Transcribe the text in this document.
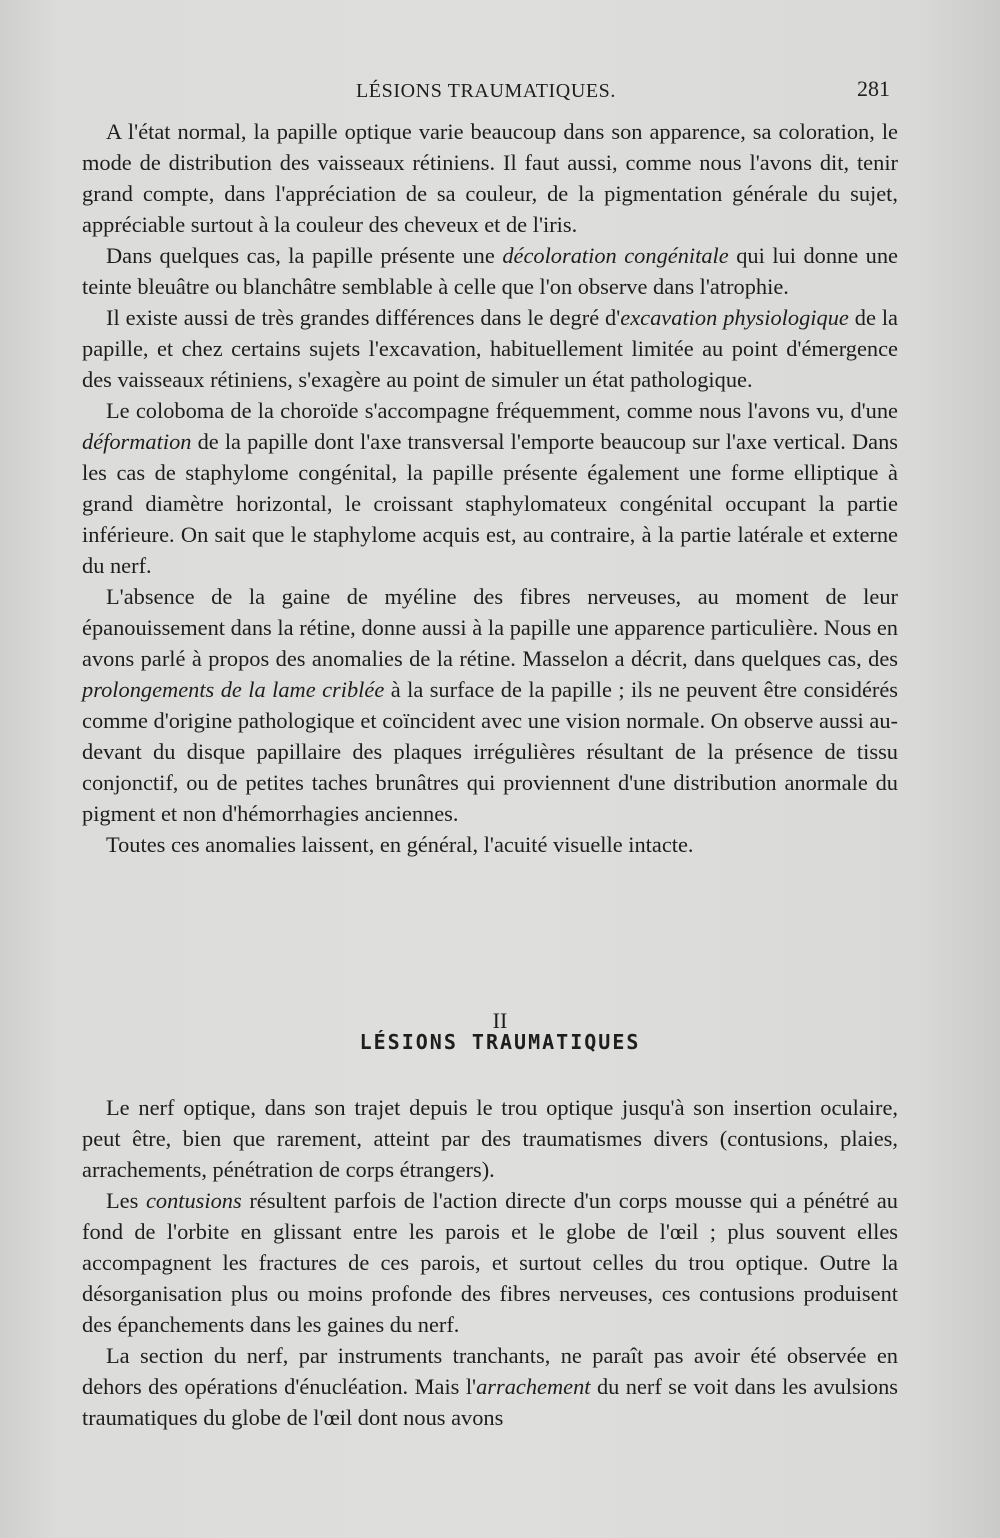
LÉSIONS TRAUMATIQUES.	281

A l'état normal, la papille optique varie beaucoup dans son apparence, sa coloration, le mode de distribution des vaisseaux rétiniens. Il faut aussi, comme nous l'avons dit, tenir grand compte, dans l'appréciation de sa couleur, de la pigmentation générale du sujet, appréciable surtout à la couleur des cheveux et de l'iris.

Dans quelques cas, la papille présente une décoloration congénitale qui lui donne une teinte bleuâtre ou blanchâtre semblable à celle que l'on observe dans l'atrophie.

Il existe aussi de très grandes différences dans le degré d'excavation physiologique de la papille, et chez certains sujets l'excavation, habituellement limitée au point d'émergence des vaisseaux rétiniens, s'exagère au point de simuler un état pathologique.

Le coloboma de la choroïde s'accompagne fréquemment, comme nous l'avons vu, d'une déformation de la papille dont l'axe transversal l'emporte beaucoup sur l'axe vertical. Dans les cas de staphylome congénital, la papille présente également une forme elliptique à grand diamètre horizontal, le croissant staphylomateux congénital occupant la partie inférieure. On sait que le staphylome acquis est, au contraire, à la partie latérale et externe du nerf.

L'absence de la gaine de myéline des fibres nerveuses, au moment de leur épanouissement dans la rétine, donne aussi à la papille une apparence particulière. Nous en avons parlé à propos des anomalies de la rétine. Masselon a décrit, dans quelques cas, des prolongements de la lame criblée à la surface de la papille ; ils ne peuvent être considérés comme d'origine pathologique et coïncident avec une vision normale. On observe aussi au-devant du disque papillaire des plaques irrégulières résultant de la présence de tissu conjonctif, ou de petites taches brunâtres qui proviennent d'une distribution anormale du pigment et non d'hémorrhagies anciennes.

Toutes ces anomalies laissent, en général, l'acuité visuelle intacte.

II
LÉSIONS TRAUMATIQUES

Le nerf optique, dans son trajet depuis le trou optique jusqu'à son insertion oculaire, peut être, bien que rarement, atteint par des traumatismes divers (contusions, plaies, arrachements, pénétration de corps étrangers).

Les contusions résultent parfois de l'action directe d'un corps mousse qui a pénétré au fond de l'orbite en glissant entre les parois et le globe de l'œil ; plus souvent elles accompagnent les fractures de ces parois, et surtout celles du trou optique. Outre la désorganisation plus ou moins profonde des fibres nerveuses, ces contusions produisent des épanchements dans les gaines du nerf.

La section du nerf, par instruments tranchants, ne paraît pas avoir été observée en dehors des opérations d'énucléation. Mais l'arrachement du nerf se voit dans les avulsions traumatiques du globe de l'œil dont nous avons
